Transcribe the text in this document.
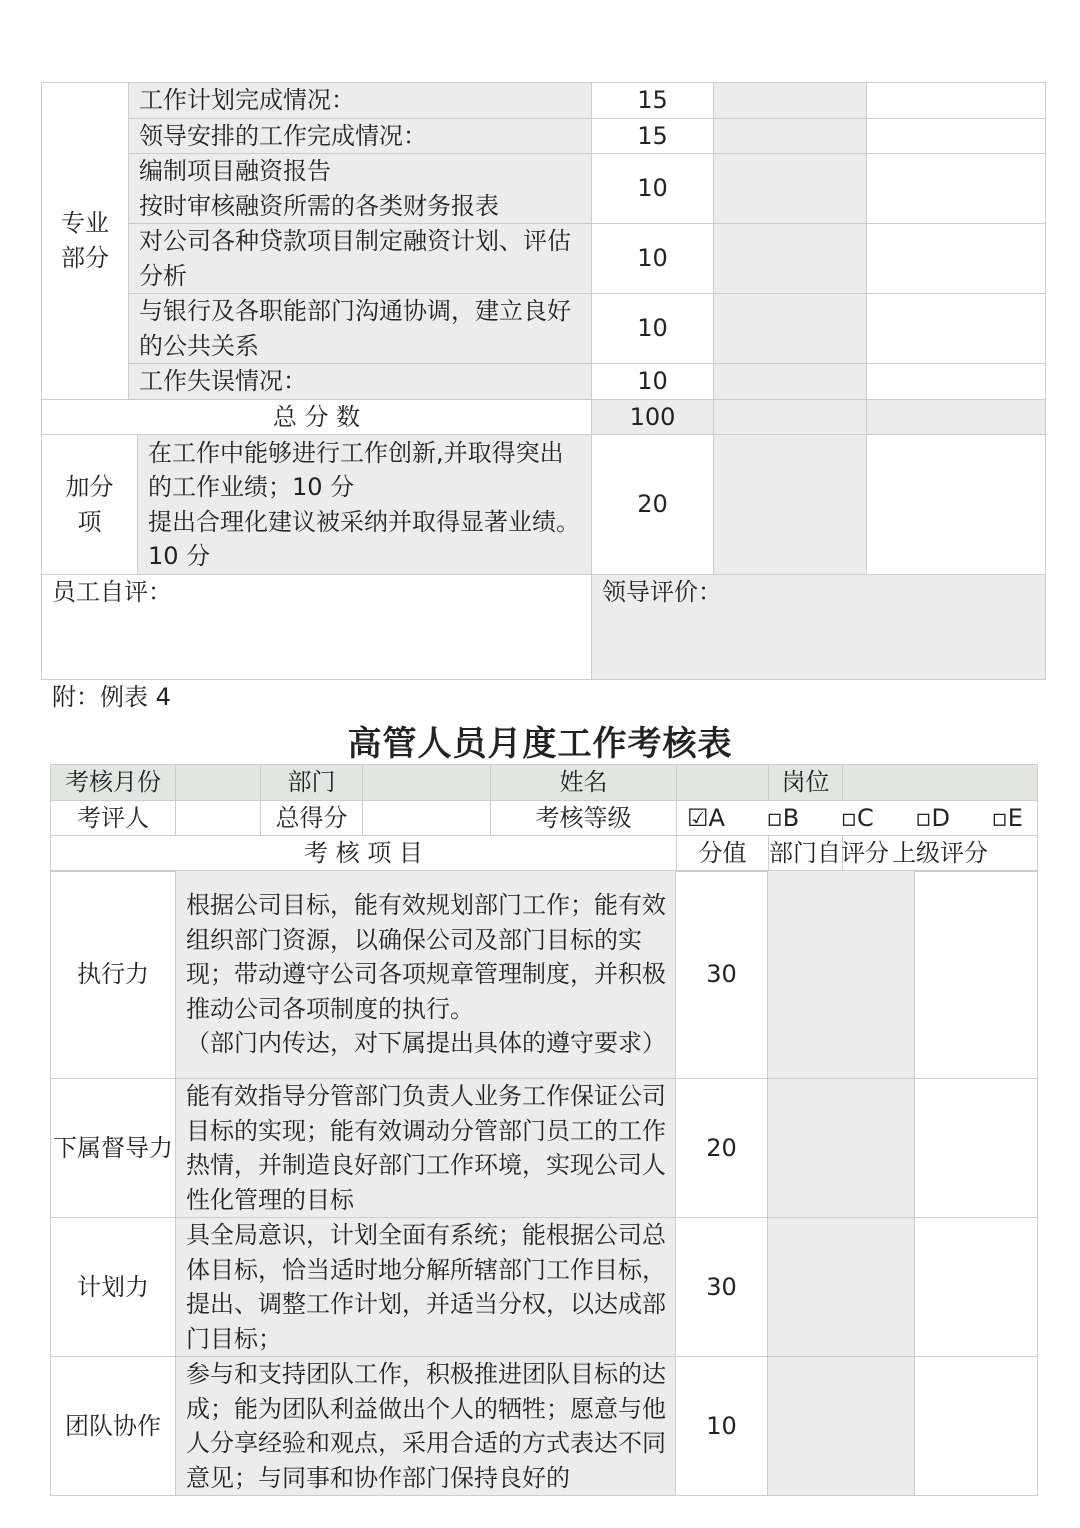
专业
部分	工作计划完成情况：	15		
	领导安排的工作完成情况：	15		
	编制项目融资报告
按时审核融资所需的各类财务报表	10		
	对公司各种贷款项目制定融资计划、评估分析	10		
	与银行及各职能部门沟通协调，建立良好的公共关系	10		
	工作失误情况：	10		
总 分 数		100		

加分
项
在工作中能够进行工作创新,并取得突出的工作业绩；10 分
提出合理化建议被采纳并取得显著业绩。 10 分		20		
员工自评：		领导评价：		
附：例表 4
高管人员月度工作考核表
考核月份		部门		姓名		岗位	
考评人		总得分		考核等级	☑A ▫B ▫C ▫D ▫E		

考 核 项 目					分值	部门自评分	上级评分
执行力	根据公司目标，能有效规划部门工作；能有效组织部门资源，以确保公司及部门目标的实现；带动遵守公司各项规章管理制度，并积极推动公司各项制度的执行。
（部门内传达，对下属提出具体的遵守要求）	30		
下属督导力	能有效指导分管部门负责人业务工作保证公司目标的实现；能有效调动分管部门员工的工作热情，并制造良好部门工作环境，实现公司人性化管理的目标	20		
计划力	具全局意识，计划全面有系统；能根据公司总体目标，恰当适时地分解所辖部门工作目标，提出、调整工作计划，并适当分权，以达成部门目标；	30		
团队协作	参与和支持团队工作，积极推进团队目标的达成；能为团队利益做出个人的牺牲；愿意与他人分享经验和观点，采用合适的方式表达不同意见；与同事和协作部门保持良好的	10		
